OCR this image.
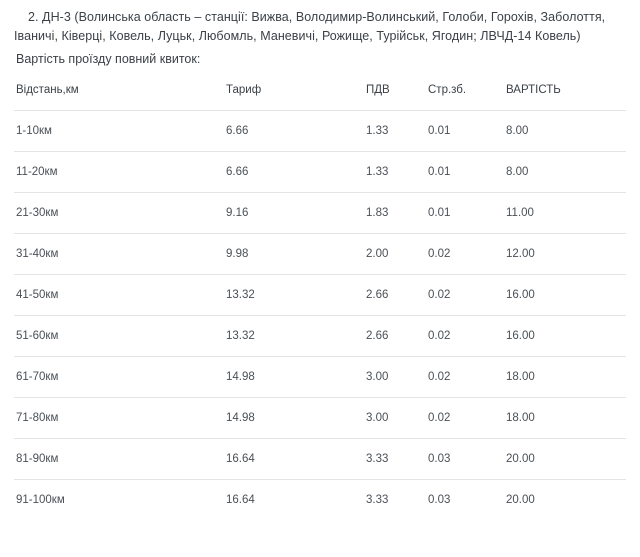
2. ДН-3 (Волинська область – станції: Вижва, Володимир-Волинський, Голоби, Горохів, Заболоття, Іваничі, Ківерці, Ковель, Луцьк, Любомль, Маневичі, Рожище, Турійськ, Ягодин; ЛВЧД-14 Ковель)

Вартість проїзду повний квиток:

Відстань,км	Тариф	ПДВ	Стр.зб.	ВАРТІСТЬ
1-10км	6.66	1.33	0.01	8.00
11-20км	6.66	1.33	0.01	8.00
21-30км	9.16	1.83	0.01	11.00
31-40км	9.98	2.00	0.02	12.00
41-50км	13.32	2.66	0.02	16.00
51-60км	13.32	2.66	0.02	16.00
61-70км	14.98	3.00	0.02	18.00
71-80км	14.98	3.00	0.02	18.00
81-90км	16.64	3.33	0.03	20.00
91-100км	16.64	3.33	0.03	20.00
